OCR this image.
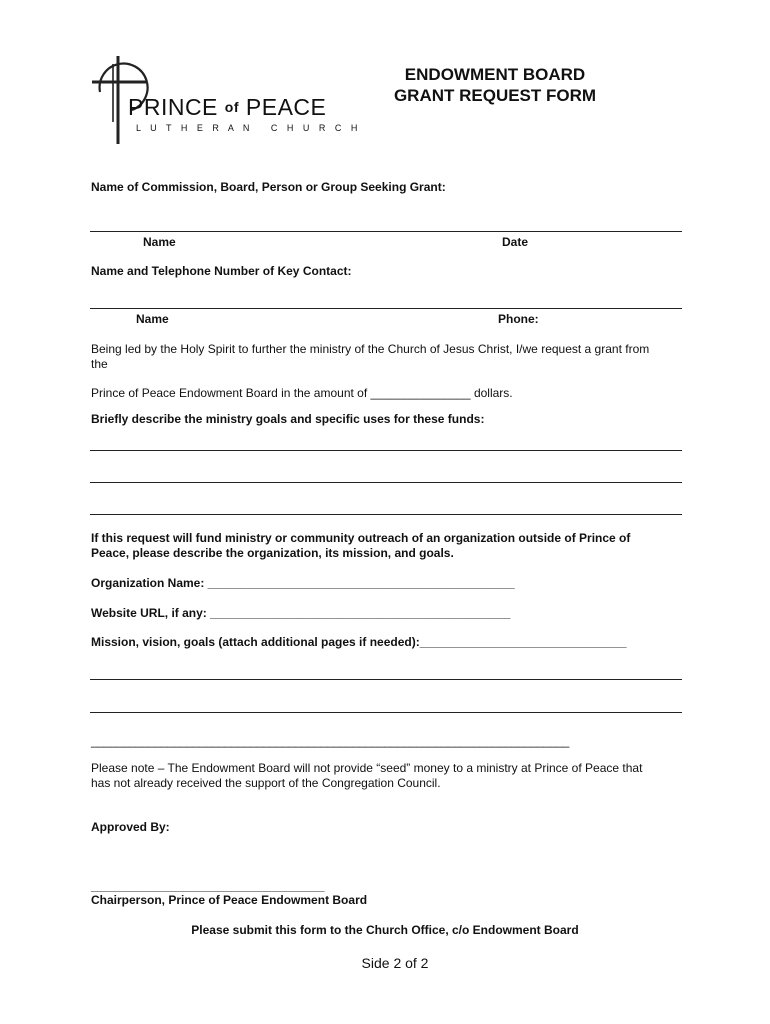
PRINCE of PEACE
L U T H E R A N   C H U R C H
ENDOWMENT BOARD
GRANT REQUEST FORM
Name of Commission, Board, Person or Group Seeking Grant:
Name	Date
Name and Telephone Number of Key Contact:
Name	Phone:
Being led by the Holy Spirit to further the ministry of the Church of Jesus Christ, I/we request a grant from
the
Prince of Peace Endowment Board in the amount of _______________ dollars.
Briefly describe the ministry goals and specific uses for these funds:
If this request will fund ministry or community outreach of an organization outside of Prince of
Peace, please describe the organization, its mission, and goals.
Organization Name: ______________________________________________
Website URL, if any: _____________________________________________
Mission, vision, goals (attach additional pages if needed):_______________________________
___________________________________________________________________________
Please note – The Endowment Board will not provide “seed” money to a ministry at Prince of Peace that
has not already received the support of the Congregation Council.
Approved By:
___________________________________
Chairperson, Prince of Peace Endowment Board
Please submit this form to the Church Office, c/o Endowment Board
Side 2 of 2
